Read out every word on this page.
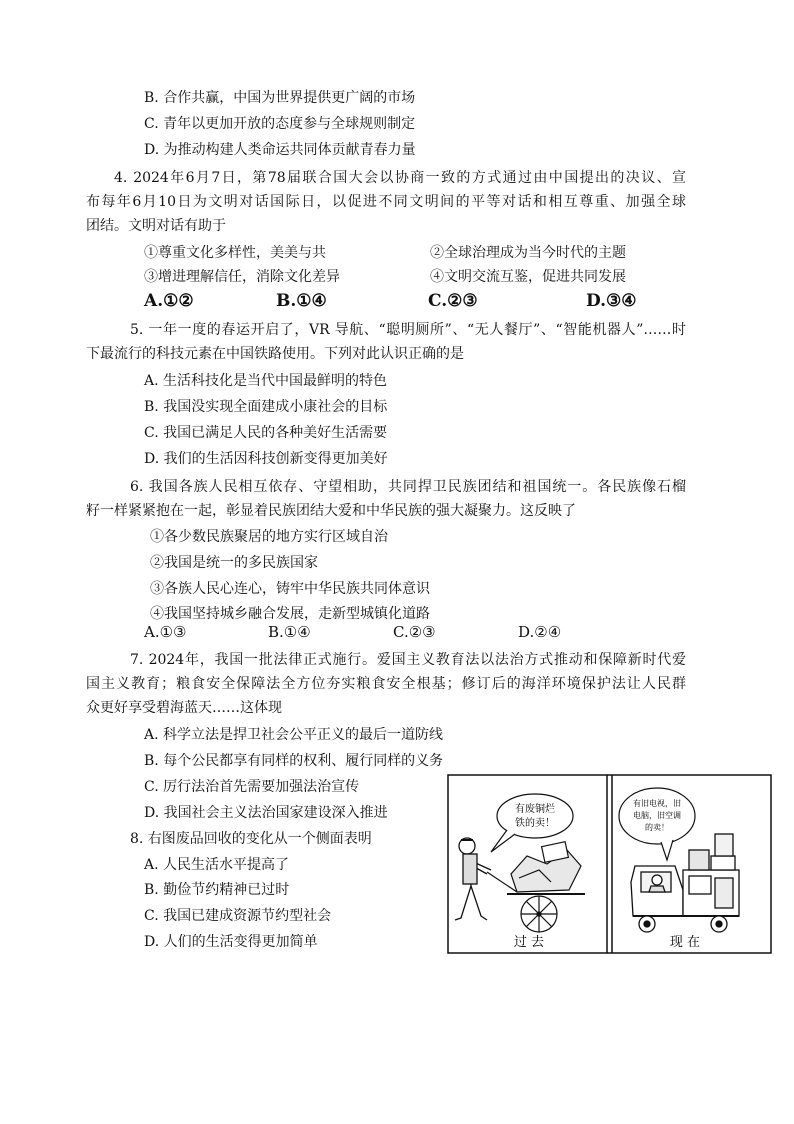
B. 合作共赢，中国为世界提供更广阔的市场
C. 青年以更加开放的态度参与全球规则制定
D. 为推动构建人类命运共同体贡献青春力量
4. 2024年6月7日，第78届联合国大会以协商一致的方式通过由中国提出的决议、宣
布每年6月10日为文明对话国际日，以促进不同文明间的平等对话和相互尊重、加强全球
团结。文明对话有助于
①尊重文化多样性，美美与共	②全球治理成为当今时代的主题
③增进理解信任，消除文化差异	④文明交流互鉴，促进共同发展
A.①②	B.①④	C.②③	D.③④
5. 一年一度的春运开启了，VR 导航、“聪明厕所”、“无人餐厅”、“智能机器人”……时
下最流行的科技元素在中国铁路使用。下列对此认识正确的是
A. 生活科技化是当代中国最鲜明的特色
B. 我国没实现全面建成小康社会的目标
C. 我国已满足人民的各种美好生活需要
D. 我们的生活因科技创新变得更加美好
6. 我国各族人民相互依存、守望相助，共同捍卫民族团结和祖国统一。各民族像石榴
籽一样紧紧抱在一起，彰显着民族团结大爱和中华民族的强大凝聚力。这反映了
①各少数民族聚居的地方实行区域自治
②我国是统一的多民族国家
③各族人民心连心，铸牢中华民族共同体意识
④我国坚持城乡融合发展，走新型城镇化道路
A.①③	B.①④	C.②③	D.②④
7. 2024年，我国一批法律正式施行。爱国主义教育法以法治方式推动和保障新时代爱
国主义教育；粮食安全保障法全方位夯实粮食安全根基；修订后的海洋环境保护法让人民群
众更好享受碧海蓝天……这体现
A. 科学立法是捍卫社会公平正义的最后一道防线
B. 每个公民都享有同样的权利、履行同样的义务
C. 厉行法治首先需要加强法治宣传
D. 我国社会主义法治国家建设深入推进
8. 右图废品回收的变化从一个侧面表明
A. 人民生活水平提高了
B. 勤俭节约精神已过时
C. 我国已建成资源节约型社会
D. 人们的生活变得更加简单
有废铜烂
铁的卖！
过 去
有旧电视，旧
电脑，旧空调
的卖！
现 在
